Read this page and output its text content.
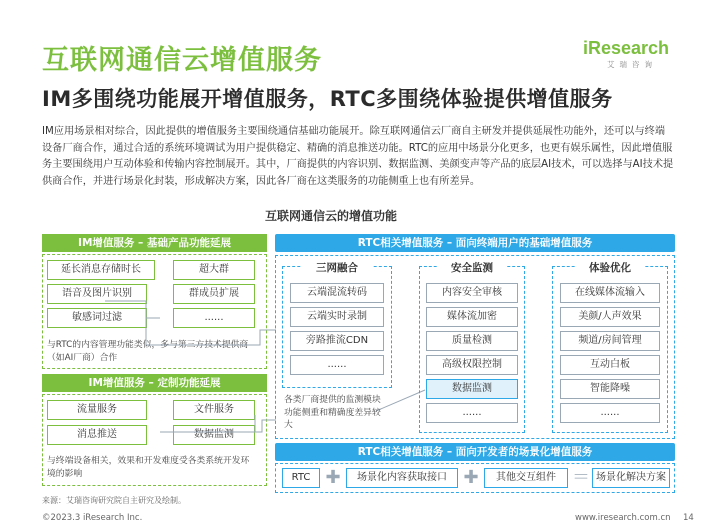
互联网通信云增值服务
IM多围绕功能展开增值服务，RTC多围绕体验提供增值服务
iResearch
艾瑞咨询
IM应用场景相对综合，因此提供的增值服务主要围绕通信基础功能展开。除互联网通信云厂商自主研发并提供延展性功能外，还可以与终端设备厂商合作，通过合适的系统环境调试为用户提供稳定、精确的消息推送功能。RTC的应用中场景分化更多，也更有娱乐属性，因此增值服务主要围绕用户互动体验和传输内容控制展开。其中，厂商提供的内容识别、数据监测、美颜变声等产品的底层AI技术，可以选择与AI技术提供商合作，并进行场景化封装，形成解决方案，因此各厂商在这类服务的功能侧重上也有所差异。
互联网通信云的增值功能
IM增值服务 – 基础产品功能延展
延长消息存储时长	超大群
语音及图片识别	群成员扩展
敏感词过滤	......
与RTC的内容管理功能类似，多与第三方技术提供商（如AI厂商）合作
IM增值服务 – 定制功能延展
流量服务	文件服务
消息推送	数据监测
与终端设备相关，效果和开发难度受各类系统开发环境的影响
RTC相关增值服务 – 面向终端用户的基础增值服务
三网融合
云端混流转码
云端实时录制
旁路推流CDN
......
各类厂商提供的监测模块功能侧重和精确度差异较大
安全监测
内容安全审核
媒体流加密
质量检测
高级权限控制
数据监测
......
体验优化
在线媒体流输入
美颜/人声效果
频道/房间管理
互动白板
智能降噪
......
RTC相关增值服务 – 面向开发者的场景化增值服务
RTC ✚	场景化内容获取接口 ✚	其他交互组件 ＝ 场景化解决方案
来源：艾瑞咨询研究院自主研究及绘制。
©2023.3 iResearch Inc.	www.iresearch.com.cn 14
